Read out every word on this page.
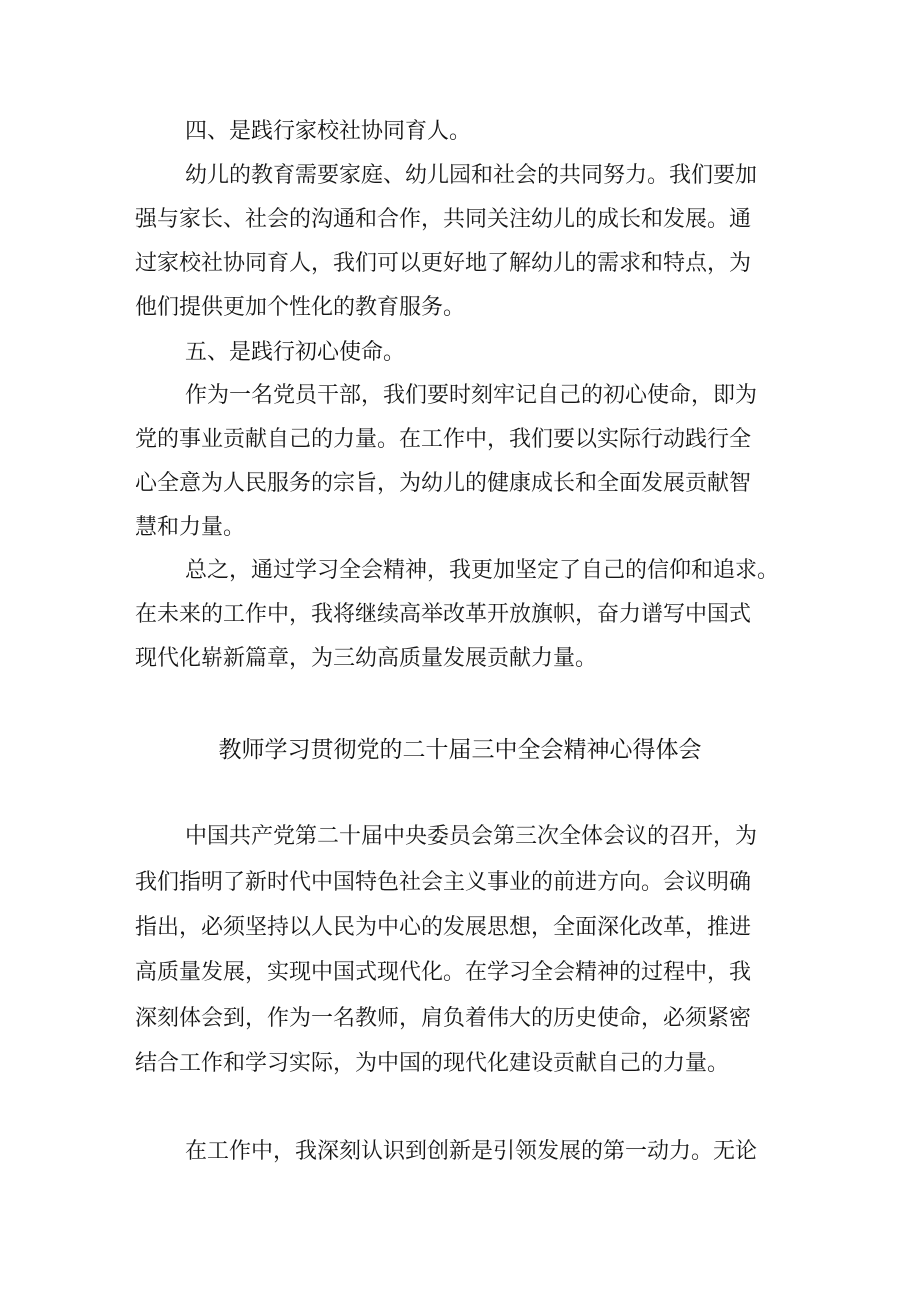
四、是践行家校社协同育人。
幼儿的教育需要家庭、幼儿园和社会的共同努力。我们要加
强与家长、社会的沟通和合作，共同关注幼儿的成长和发展。通
过家校社协同育人，我们可以更好地了解幼儿的需求和特点，为
他们提供更加个性化的教育服务。
五、是践行初心使命。
作为一名党员干部，我们要时刻牢记自己的初心使命，即为
党的事业贡献自己的力量。在工作中，我们要以实际行动践行全
心全意为人民服务的宗旨，为幼儿的健康成长和全面发展贡献智
慧和力量。
总之，通过学习全会精神，我更加坚定了自己的信仰和追求。
在未来的工作中，我将继续高举改革开放旗帜，奋力谱写中国式
现代化崭新篇章，为三幼高质量发展贡献力量。
教师学习贯彻党的二十届三中全会精神心得体会
中国共产党第二十届中央委员会第三次全体会议的召开，为
我们指明了新时代中国特色社会主义事业的前进方向。会议明确
指出，必须坚持以人民为中心的发展思想，全面深化改革，推进
高质量发展，实现中国式现代化。在学习全会精神的过程中，我
深刻体会到，作为一名教师，肩负着伟大的历史使命，必须紧密
结合工作和学习实际，为中国的现代化建设贡献自己的力量。
在工作中，我深刻认识到创新是引领发展的第一动力。无论
